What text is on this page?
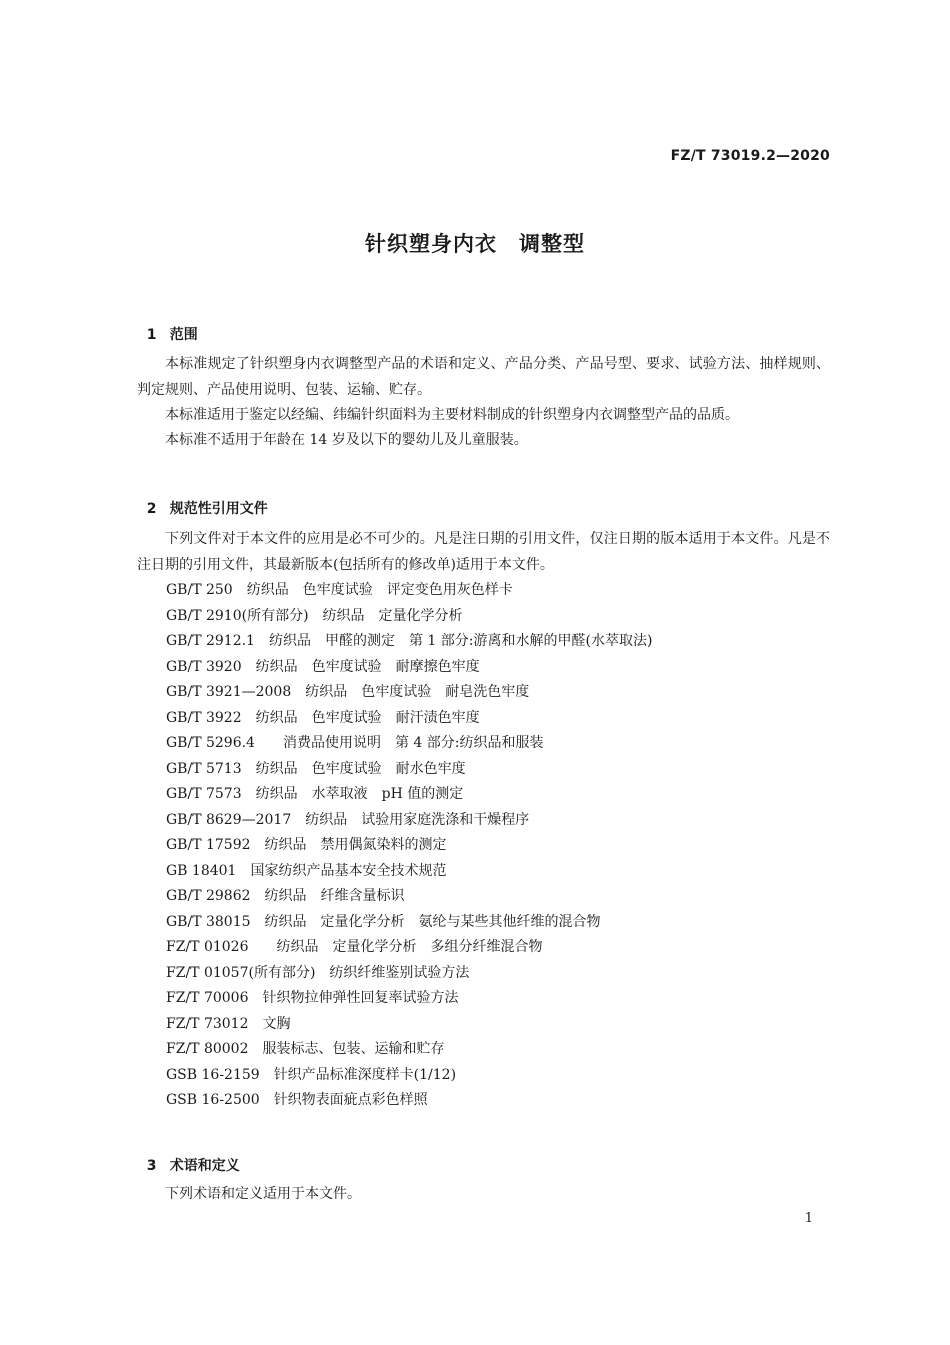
FZ/T 73019.2—2020
针织塑身内衣　调整型

1 范围

本标准规定了针织塑身内衣调整型产品的术语和定义、产品分类、产品号型、要求、试验方法、抽样规则、判定规则、产品使用说明、包装、运输、贮存。

本标准适用于鉴定以经编、纬编针织面料为主要材料制成的针织塑身内衣调整型产品的品质。

本标准不适用于年龄在 14 岁及以下的婴幼儿及儿童服装。

2 规范性引用文件

下列文件对于本文件的应用是必不可少的。凡是注日期的引用文件，仅注日期的版本适用于本文件。凡是不注日期的引用文件，其最新版本(包括所有的修改单)适用于本文件。

GB/T 250 纺织品　色牢度试验　评定变色用灰色样卡
GB/T 2910(所有部分) 纺织品　定量化学分析
GB/T 2912.1 纺织品　甲醛的测定　第 1 部分:游离和水解的甲醛(水萃取法)
GB/T 3920 纺织品　色牢度试验　耐摩擦色牢度
GB/T 3921—2008 纺织品　色牢度试验　耐皂洗色牢度
GB/T 3922 纺织品　色牢度试验　耐汗渍色牢度
GB/T 5296.4　消费品使用说明　第 4 部分:纺织品和服装
GB/T 5713 纺织品　色牢度试验　耐水色牢度
GB/T 7573 纺织品　水萃取液　pH 值的测定
GB/T 8629—2017 纺织品　试验用家庭洗涤和干燥程序
GB/T 17592 纺织品　禁用偶氮染料的测定
GB 18401 国家纺织产品基本安全技术规范
GB/T 29862 纺织品　纤维含量标识
GB/T 38015 纺织品　定量化学分析　氨纶与某些其他纤维的混合物
FZ/T 01026　纺织品　定量化学分析　多组分纤维混合物
FZ/T 01057(所有部分) 纺织纤维鉴别试验方法
FZ/T 70006 针织物拉伸弹性回复率试验方法
FZ/T 73012 文胸
FZ/T 80002 服装标志、包装、运输和贮存
GSB 16-2159 针织产品标准深度样卡(1/12)
GSB 16-2500 针织物表面疵点彩色样照

3 术语和定义

下列术语和定义适用于本文件。

1
